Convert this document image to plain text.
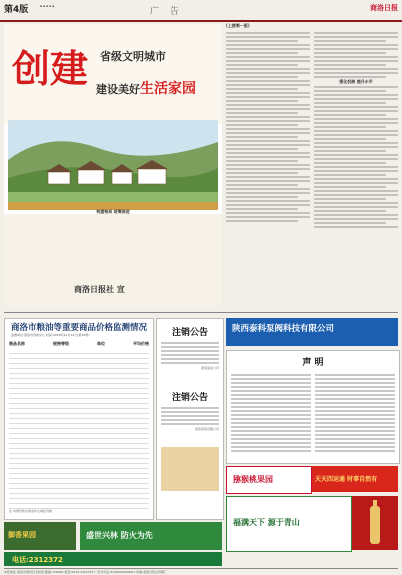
第4版	▪ ▪ ▪ ▪ ▪
广 告	商洛日报
创建 省级文明城市
建设美好生活家园
商洛日报社 宣
(上接第一版)
强化机制 提升水平
构建格局 统筹推进
商洛市粮油等重要商品价格监测情况
监测单位:商洛市价格中心 时间:2018年12月12日(第50周)
商品名称	规格等级	单位	平均价格
注:本周价格为商洛市主城区价格
注销公告
商洛某某公司
注销公告
商洛某某有限公司
陕西泰科泵阀科技有限公司
声 明
御香果园	盛世兴林 防火为先
猕猴桃果园	天天四运通 时事自然有
福满天下 源于青山
电话:2312372
本报地址:商洛市商州区北新街 邮编:726000 电话:0914-2312372 广告许可证:6120004000001 印刷:商洛日报社印刷厂
